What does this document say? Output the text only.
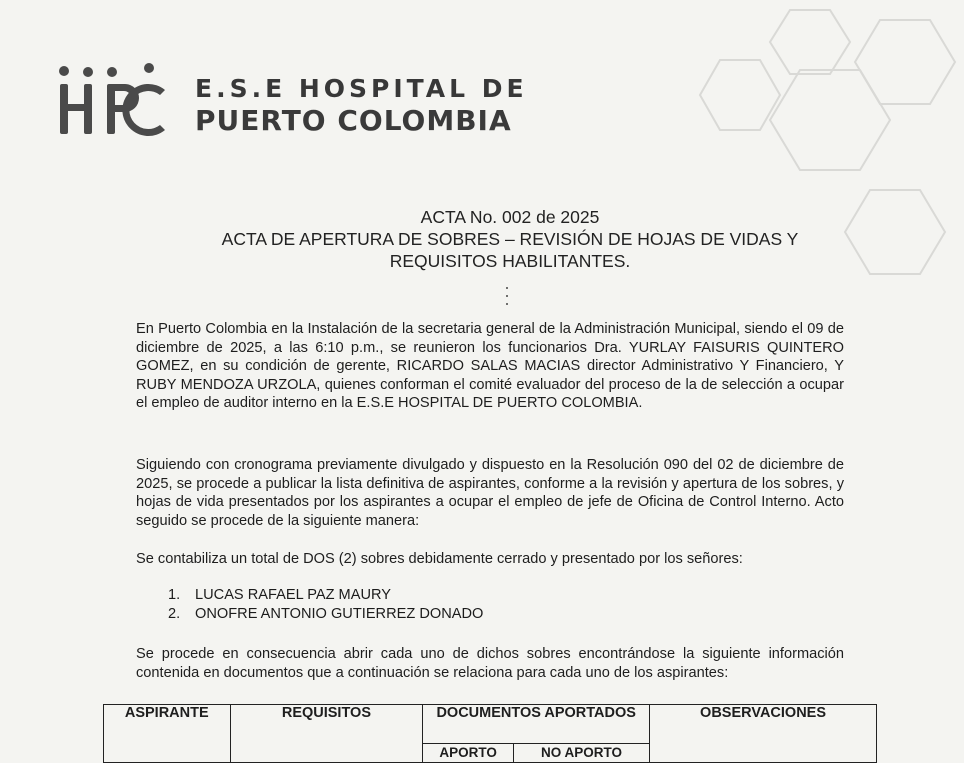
E.S.E HOSPITAL DE
PUERTO COLOMBIA
ACTA No. 002 de 2025
ACTA DE APERTURA DE SOBRES – REVISIÓN DE HOJAS DE VIDAS Y
REQUISITOS HABILITANTES.
En Puerto Colombia en la Instalación de la secretaria general de la Administración Municipal, siendo el 09 de diciembre de 2025, a las 6:10 p.m., se reunieron los funcionarios Dra. YURLAY FAISURIS QUINTERO GOMEZ, en su condición de gerente, RICARDO SALAS MACIAS director Administrativo Y Financiero, Y RUBY MENDOZA URZOLA, quienes conforman el comité evaluador del proceso de la de selección a ocupar el empleo de auditor interno en la E.S.E HOSPITAL DE PUERTO COLOMBIA.
Siguiendo con cronograma previamente divulgado y dispuesto en la Resolución 090 del 02 de diciembre de 2025, se procede a publicar la lista definitiva de aspirantes, conforme a la revisión y apertura de los sobres, y hojas de vida presentados por los aspirantes a ocupar el empleo de jefe de Oficina de Control Interno. Acto seguido se procede de la siguiente manera:
Se contabiliza un total de DOS (2) sobres debidamente cerrado y presentado por los señores:
1. LUCAS RAFAEL PAZ MAURY
2. ONOFRE ANTONIO GUTIERREZ DONADO
Se procede en consecuencia abrir cada uno de dichos sobres encontrándose la siguiente información contenida en documentos que a continuación se relaciona para cada uno de los aspirantes:
ASPIRANTE	REQUISITOS	DOCUMENTOS APORTADOS		OBSERVACIONES
		APORTO	NO APORTO	
